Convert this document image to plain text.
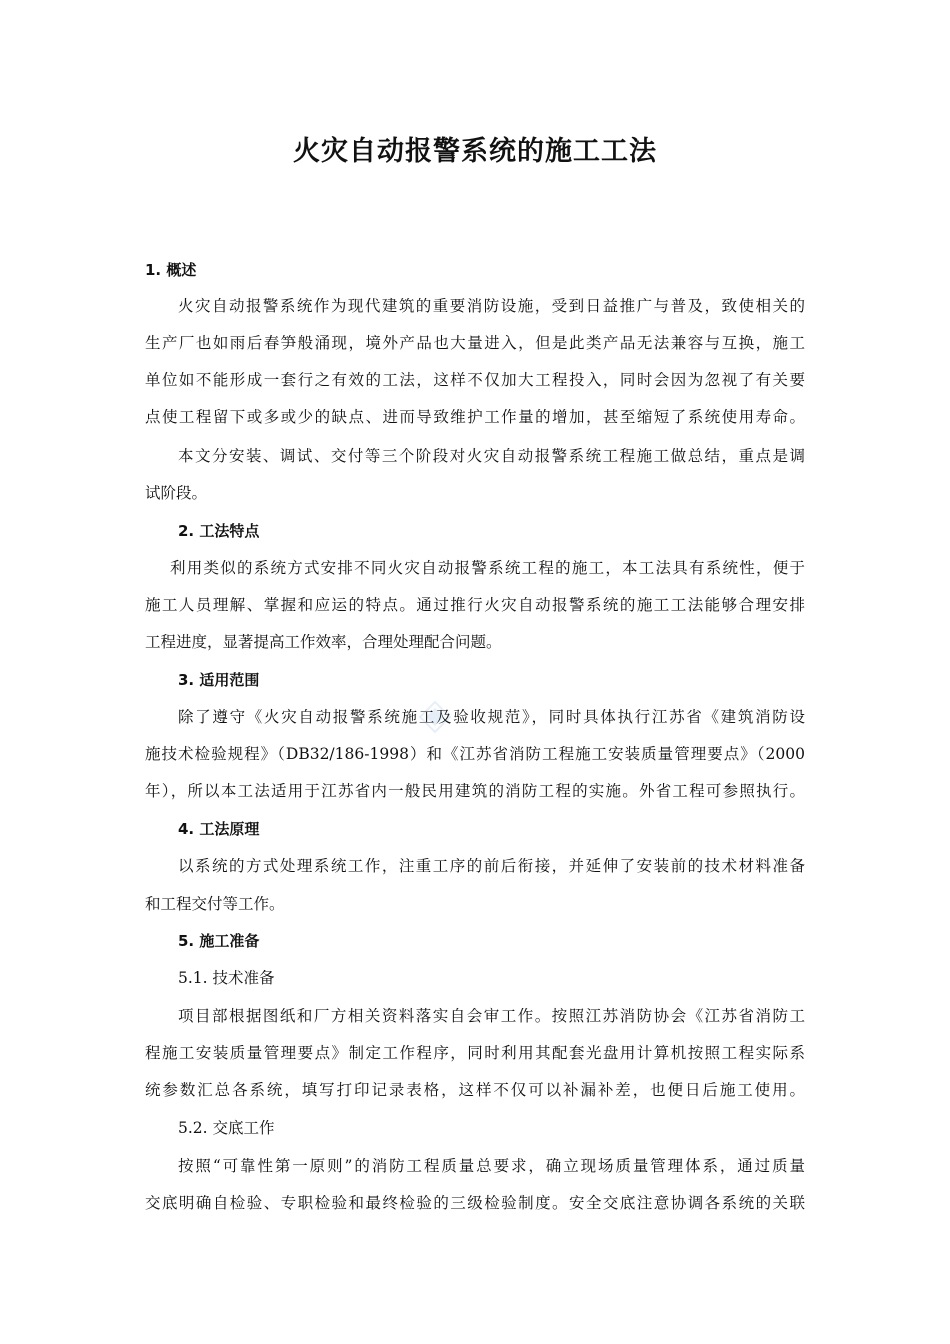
火灾自动报警系统的施工工法
1. 概述
火灾自动报警系统作为现代建筑的重要消防设施，受到日益推广与普及，致使相关的
生产厂也如雨后春笋般涌现，境外产品也大量进入，但是此类产品无法兼容与互换，施工
单位如不能形成一套行之有效的工法，这样不仅加大工程投入，同时会因为忽视了有关要
点使工程留下或多或少的缺点、进而导致维护工作量的增加，甚至缩短了系统使用寿命。
本文分安装、调试、交付等三个阶段对火灾自动报警系统工程施工做总结，重点是调
试阶段。
2. 工法特点
利用类似的系统方式安排不同火灾自动报警系统工程的施工，本工法具有系统性，便于
施工人员理解、掌握和应运的特点。通过推行火灾自动报警系统的施工工法能够合理安排
工程进度，显著提高工作效率，合理处理配合问题。
3. 适用范围
除了遵守《火灾自动报警系统施工及验收规范》，同时具体执行江苏省《建筑消防设
施技术检验规程》（DB32/186-1998）和《江苏省消防工程施工安装质量管理要点》（2000
年），所以本工法适用于江苏省内一般民用建筑的消防工程的实施。外省工程可参照执行。
4. 工法原理
以系统的方式处理系统工作，注重工序的前后衔接，并延伸了安装前的技术材料准备
和工程交付等工作。
5. 施工准备
5.1. 技术准备
项目部根据图纸和厂方相关资料落实自会审工作。按照江苏消防协会《江苏省消防工
程施工安装质量管理要点》制定工作程序，同时利用其配套光盘用计算机按照工程实际系
统参数汇总各系统，填写打印记录表格，这样不仅可以补漏补差，也便日后施工使用。
5.2. 交底工作
按照“可靠性第一原则”的消防工程质量总要求，确立现场质量管理体系，通过质量
交底明确自检验、专职检验和最终检验的三级检验制度。安全交底注意协调各系统的关联
